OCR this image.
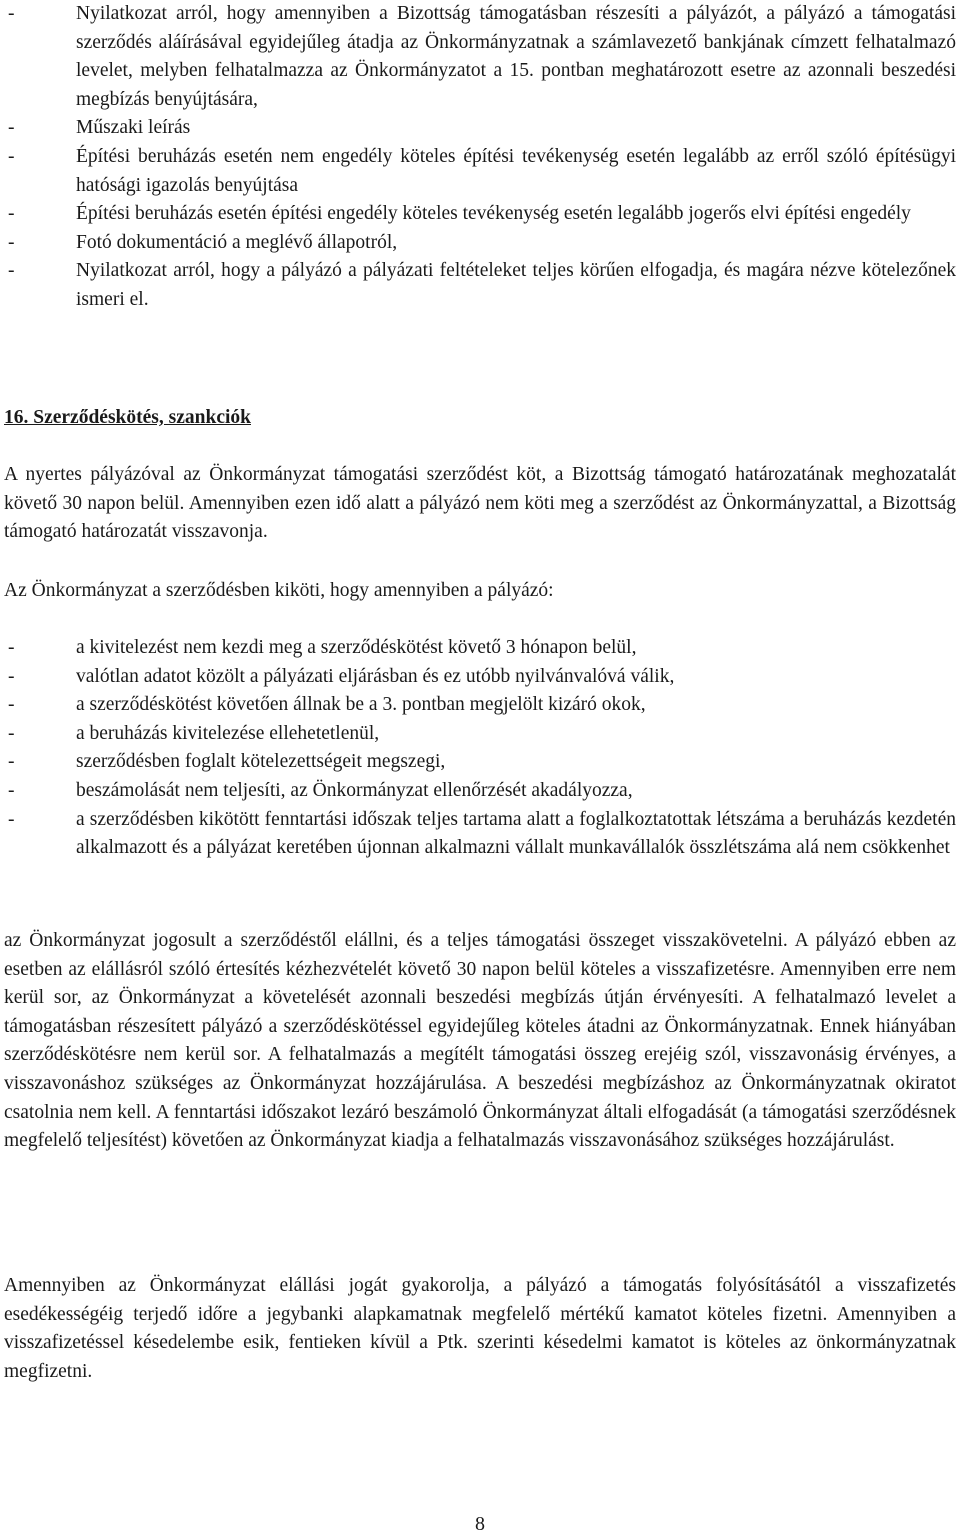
-	Nyilatkozat arról, hogy amennyiben a Bizottság támogatásban részesíti a pályázót, a pályázó a támogatási szerződés aláírásával egyidejűleg átadja az Önkormányzatnak a számlavezető bankjának címzett felhatalmazó levelet, melyben felhatalmazza az Önkormányzatot a 15. pontban meghatározott esetre az azonnali beszedési megbízás benyújtására,
-	Műszaki leírás
-	Építési beruházás esetén nem engedély köteles építési tevékenység esetén legalább az erről szóló építésügyi hatósági igazolás benyújtása
-	Építési beruházás esetén építési engedély köteles tevékenység esetén legalább jogerős elvi építési engedély
-	Fotó dokumentáció a meglévő állapotról,
-	Nyilatkozat arról, hogy a pályázó a pályázati feltételeket teljes körűen elfogadja, és magára nézve kötelezőnek ismeri el.
16. Szerződéskötés, szankciók

A nyertes pályázóval az Önkormányzat támogatási szerződést köt, a Bizottság támogató határozatának meghozatalát követő 30 napon belül. Amennyiben ezen idő alatt a pályázó nem köti meg a szerződést az Önkormányzattal, a Bizottság támogató határozatát visszavonja.

Az Önkormányzat a szerződésben kiköti, hogy amennyiben a pályázó:

-	a kivitelezést nem kezdi meg a szerződéskötést követő 3 hónapon belül,
-	valótlan adatot közölt a pályázati eljárásban és ez utóbb nyilvánvalóvá válik,
-	a szerződéskötést követően állnak be a 3. pontban megjelölt kizáró okok,
-	a beruházás kivitelezése ellehetetlenül,
-	szerződésben foglalt kötelezettségeit megszegi,
-	beszámolását nem teljesíti, az Önkormányzat ellenőrzését akadályozza,
-	a szerződésben kikötött fenntartási időszak teljes tartama alatt a foglalkoztatottak létszáma a beruházás kezdetén alkalmazott és a pályázat keretében újonnan alkalmazni vállalt munkavállalók összlétszáma alá nem csökkenhet

az Önkormányzat jogosult a szerződéstől elállni, és a teljes támogatási összeget visszakövetelni. A pályázó ebben az esetben az elállásról szóló értesítés kézhezvételét követő 30 napon belül köteles a visszafizetésre. Amennyiben erre nem kerül sor, az Önkormányzat a követelését azonnali beszedési megbízás útján érvényesíti. A felhatalmazó levelet a támogatásban részesített pályázó a szerződéskötéssel egyidejűleg köteles átadni az Önkormányzatnak. Ennek hiányában szerződéskötésre nem kerül sor. A felhatalmazás a megítélt támogatási összeg erejéig szól, visszavonásig érvényes, a visszavonáshoz szükséges az Önkormányzat hozzájárulása. A beszedési megbízáshoz az Önkormányzatnak okiratot csatolnia nem kell. A fenntartási időszakot lezáró beszámoló Önkormányzat általi elfogadását (a támogatási szerződésnek megfelelő teljesítést) követően az Önkormányzat kiadja a felhatalmazás visszavonásához szükséges hozzájárulást.

Amennyiben az Önkormányzat elállási jogát gyakorolja, a pályázó a támogatás folyósításától a visszafizetés esedékességéig terjedő időre a jegybanki alapkamatnak megfelelő mértékű kamatot köteles fizetni. Amennyiben a visszafizetéssel késedelembe esik, fentieken kívül a Ptk. szerinti késedelmi kamatot is köteles az önkormányzatnak megfizetni.

8
